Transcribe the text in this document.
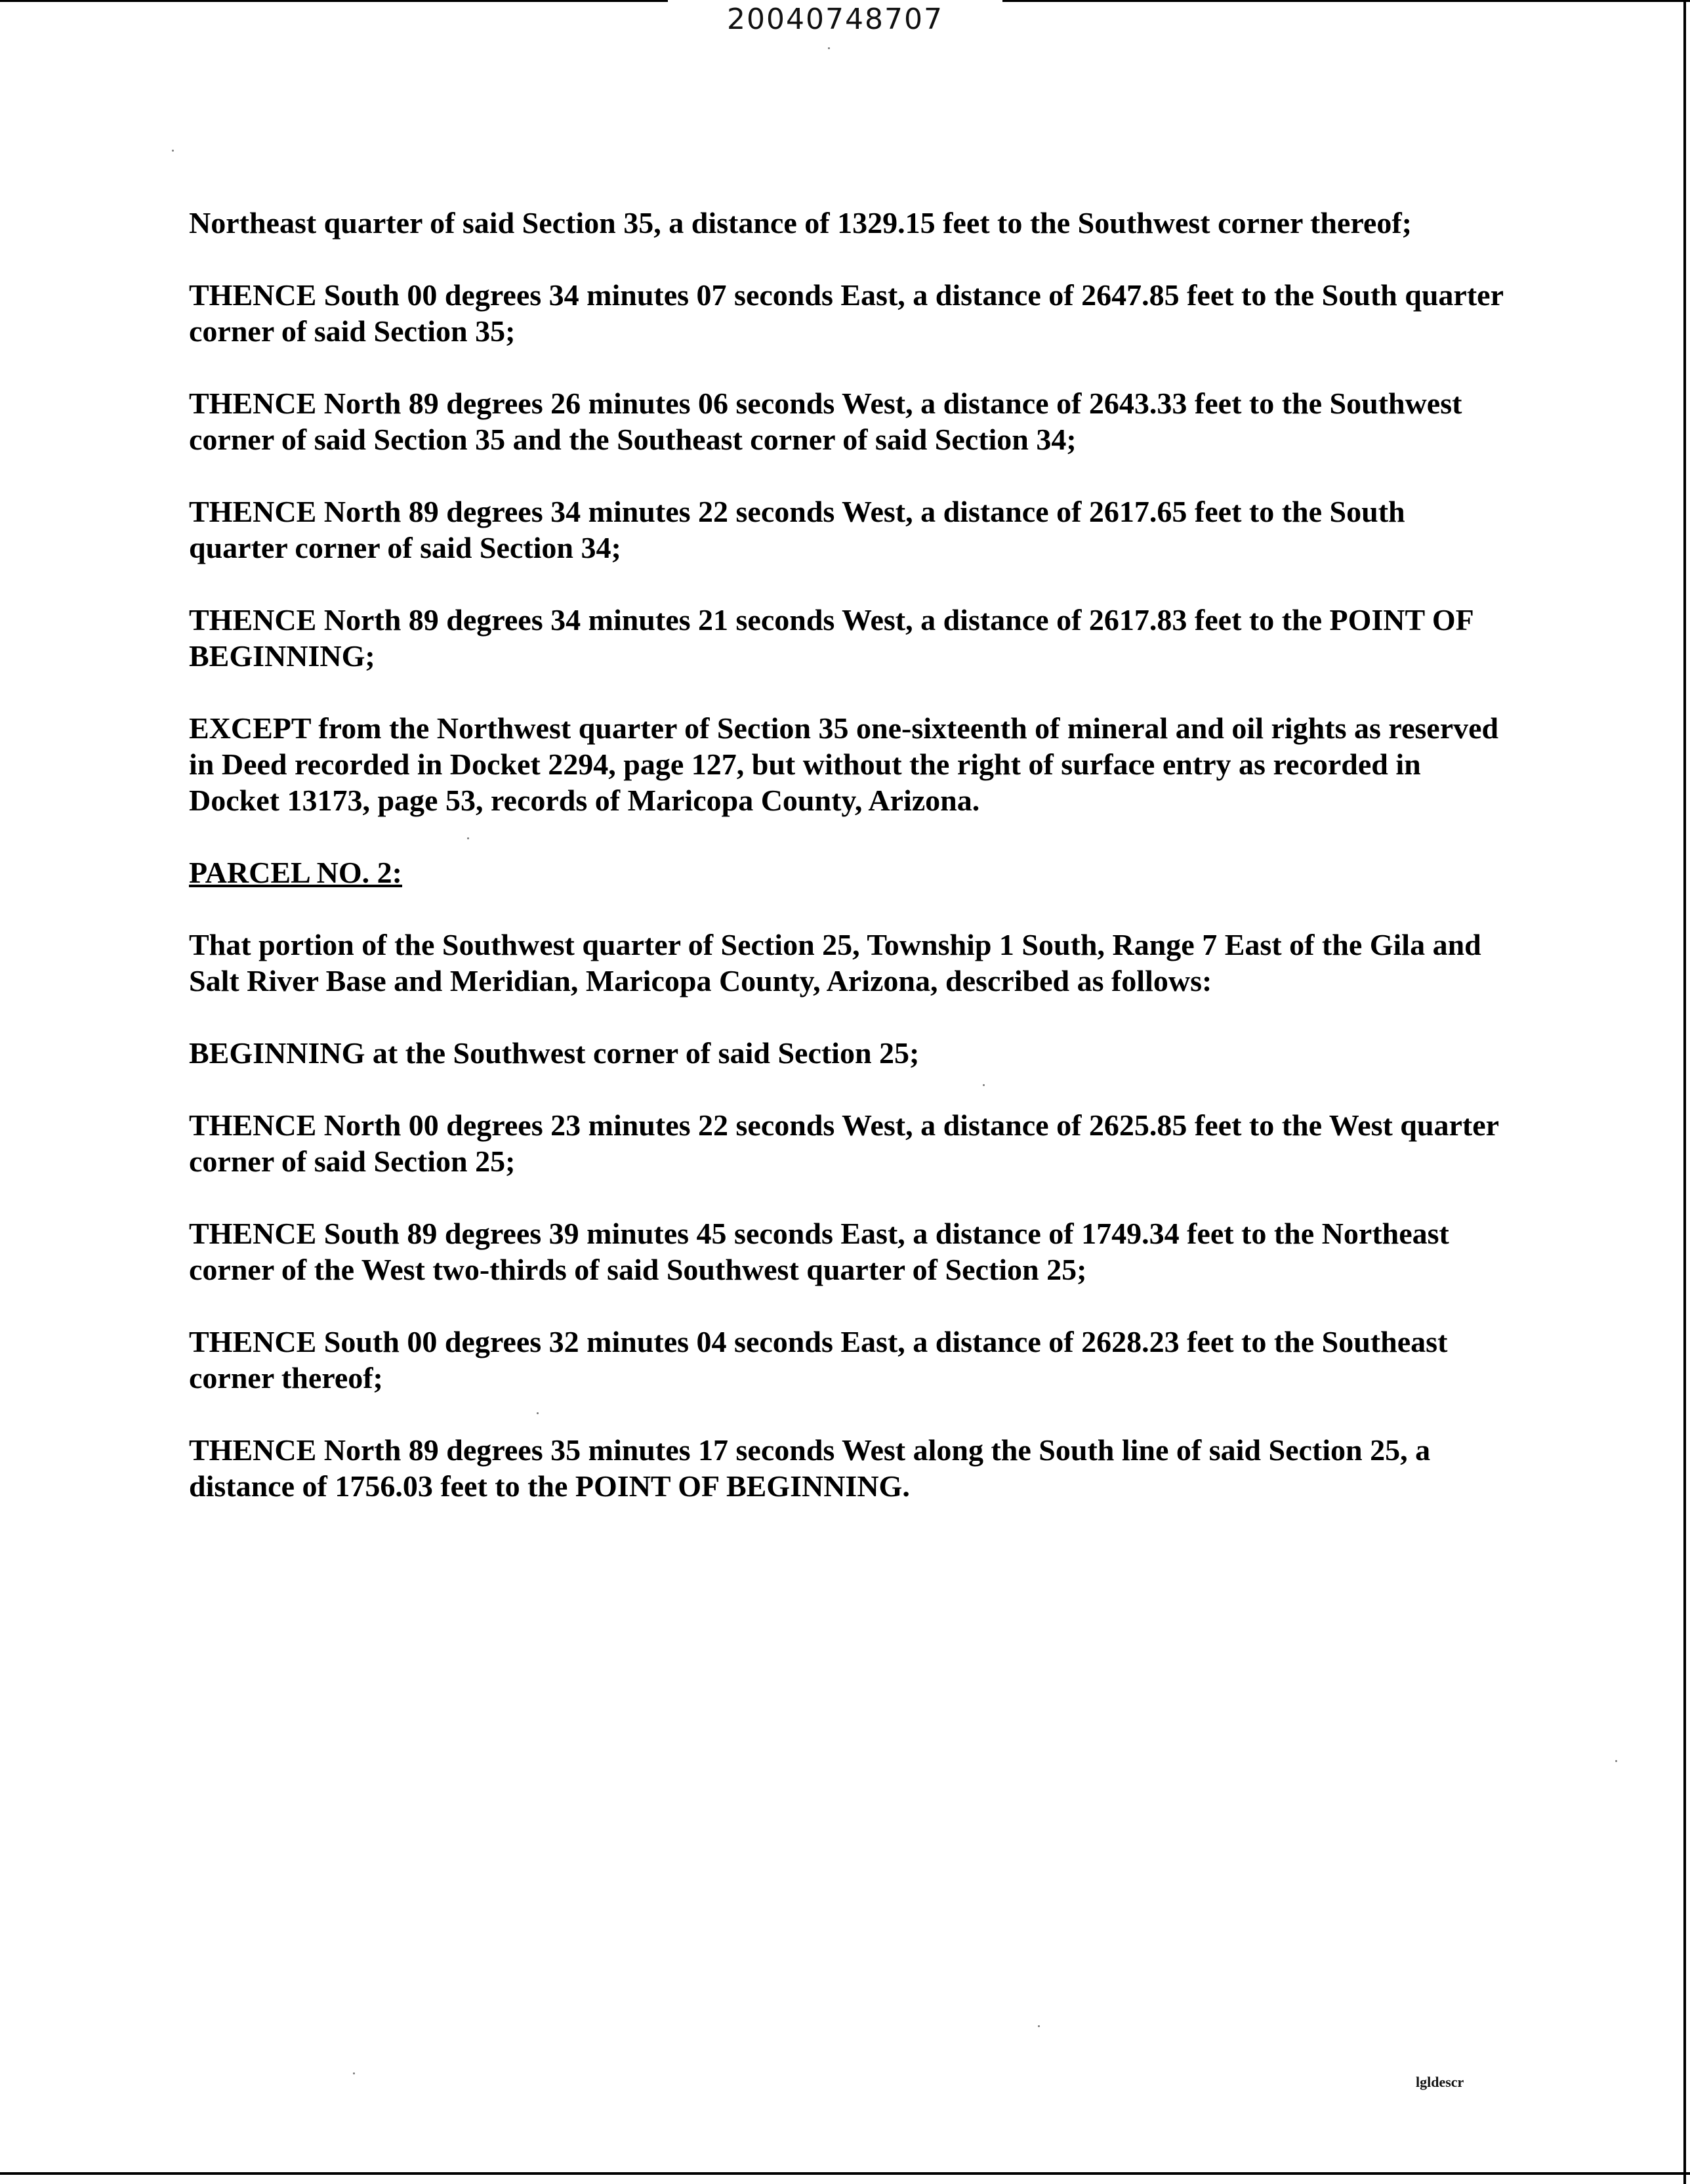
20040748707

Northeast quarter of said Section 35, a distance of 1329.15 feet to the Southwest corner thereof;

THENCE South 00 degrees 34 minutes 07 seconds East, a distance of 2647.85 feet to the South quarter corner of said Section 35;

THENCE North 89 degrees 26 minutes 06 seconds West, a distance of 2643.33 feet to the Southwest corner of said Section 35 and the Southeast corner of said Section 34;

THENCE North 89 degrees 34 minutes 22 seconds West, a distance of 2617.65 feet to the South quarter corner of said Section 34;

THENCE North 89 degrees 34 minutes 21 seconds West, a distance of 2617.83 feet to the POINT OF BEGINNING;

EXCEPT from the Northwest quarter of Section 35 one-sixteenth of mineral and oil rights as reserved in Deed recorded in Docket 2294, page 127, but without the right of surface entry as recorded in Docket 13173, page 53, records of Maricopa County, Arizona.

PARCEL NO. 2:

That portion of the Southwest quarter of Section 25, Township 1 South, Range 7 East of the Gila and Salt River Base and Meridian, Maricopa County, Arizona, described as follows:

BEGINNING at the Southwest corner of said Section 25;

THENCE North 00 degrees 23 minutes 22 seconds West, a distance of 2625.85 feet to the West quarter corner of said Section 25;

THENCE South 89 degrees 39 minutes 45 seconds East, a distance of 1749.34 feet to the Northeast corner of the West two-thirds of said Southwest quarter of Section 25;

THENCE South 00 degrees 32 minutes 04 seconds East, a distance of 2628.23 feet to the Southeast corner thereof;

THENCE North 89 degrees 35 minutes 17 seconds West along the South line of said Section 25, a distance of 1756.03 feet to the POINT OF BEGINNING.

lgldescr
